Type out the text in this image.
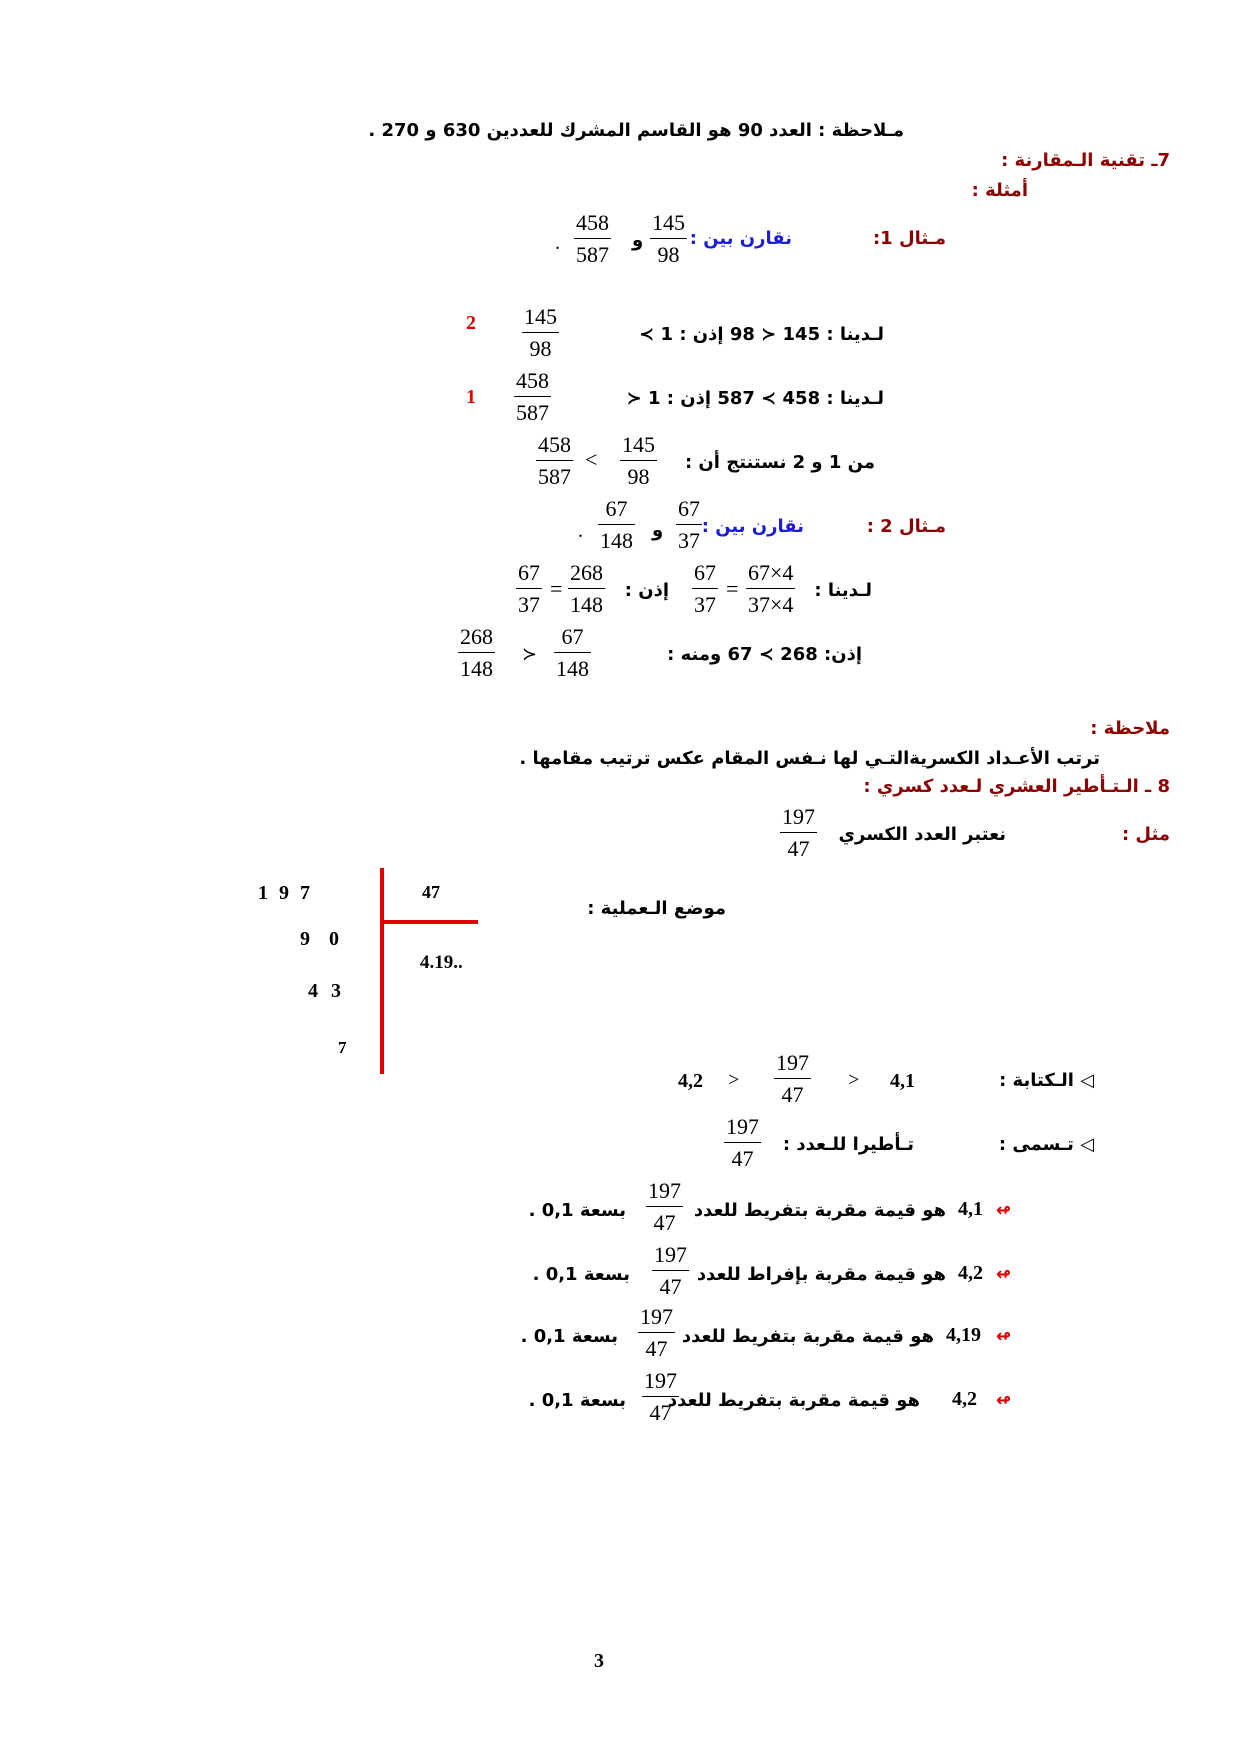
مـلاحظة : العدد 90 هو القاسم المشرك للعددين 630 و 270 .
7ـ تقنية الـمقارنة :
أمثلة :
مـثال 1:
نقارن بين :
145
98
و
458
587
.
2 145
98
لـدينا : 145 ≺ 98 إذن : 1 ≻
1
458
587
لـدينا : 458 ≻ 587 إذن : 1 ≺
458
587
<
145
98
من 1 و 2 نستنتج أن :
مـثال 2 :
نقارن بين :
67
37
و
67
148
.
67
37
=
268
148
إذن :
67
37
=
67×4
37×4
لـدينا :
268
148
≻
67
148
إذن: 268 ≻ 67 ومنه :
ملاحظة :
ترتب الأعـداد الكسريةالتـي لها نـفس المقام عكس ترتيب مقامها .
8 ـ الـتـأطير العشري لـعدد كسري :
مثل :
نعتبر العدد الكسري
197
47
1 9 7
9 0
4 3
7
47
4.19..
موضع الـعملية :
◁ الـكتابة :
4,2 >
197
47
> 4,1
◁ تـسمى :
تـأطيرا للـعدد :
197
47
↫
4,1
هو قيمة مقربة بتفريط للعدد
197
47
بسعة 0,1 .
↫
4,2
هو قيمة مقربة بإفراط للعدد
197
47
بسعة 0,1 .
↫
4,19
هو قيمة مقربة بتفريط للعدد
197
47
بسعة 0,1 .
↫
4,2
هو قيمة مقربة بتفريط للعدد
197
47
بسعة 0,1 .
3
